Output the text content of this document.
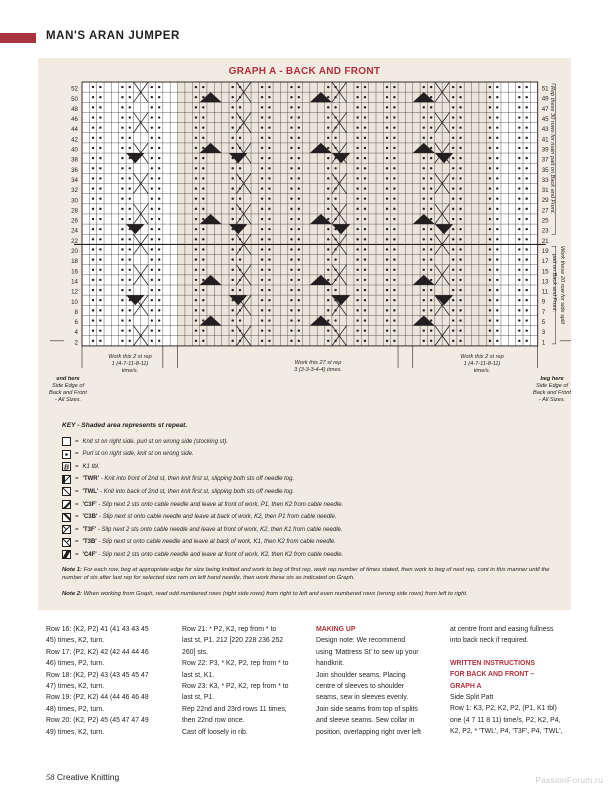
MAN'S ARAN JUMPER
GRAPH A - BACK AND FRONT
52
50
48
46
44
42
40
38
36
34
32
30
28
26
24
22
20
18
16
14
12
10
8
6
4
2
51
49
47
45
43
41
39
37
35
33
31
29
27
25
23
21
19
17
15
13
11
9
7
5
3
1
Rep these 30 rows for main patt on Back and Front.
Work these 20 row for side split
patt on Back and Front.
Work this 2 st rep
1 (4-7-11-8-11)
time/s.
Work this 27 st rep
3 (3-3-3-4-4) times.
Work this 2 st rep
1 (4-7-11-8-11)
time/s.
end here
Side Edge of
Back and Front
- All Sizes.
beg here
Side Edge of
Back and Front
- All Sizes.
KEY - Shaded area represents st repeat.
= Knit st on right side, purl st on wrong side (stocking st).
= Purl st on right side, knit st on wrong side.
B = K1 tbl.
= 'TWR' - Knit into front of 2nd st, then knit first st, slipping both sts off needle tog.
= 'TWL' - Knit into back of 2nd st, then knit first st, slipping both sts off needle tog.
= 'C3F' - Slip next 2 sts onto cable needle and leave at front of work, P1, then K2 from cable needle.
= 'C3B' - Slip next st onto cable needle and leave at back of work, K2, then P1 from cable needle.
= 'T3F' - Slip next 2 sts onto cable needle and leave at front of work, K2, then K1 from cable needle.
= 'T3B' - Slip next st onto cable needle and leave at back of work, K1, then K2 from cable needle.
= 'C4F' - Slip next 2 sts onto cable needle and leave at front of work, K2, then K2 from cable needle.
Note 1: For each row, beg at appropriate edge for size being knitted and work to beg of first rep, work rep number of times stated, then work to beg of next rep, cont in this manner until the number of sts after last rep for selected size rem on left hand needle, then work these sts as indicated on Graph.
Note 2: When working from Graph, read odd numbered rows (right side rows) from right to left and even numbered rows (wrong side rows) from left to right.

Row 16: (K2, P2) 41 (41 43 43 45

45) times, K2, turn.

Row 17: (P2, K2) 42 (42 44 44 46

46) times, P2, turn.

Row 18: (K2, P2) 43 (43 45 45 47

47) times, K2, turn.

Row 19: (P2, K2) 44 (44 46 46 48

48) times, P2, turn.

Row 20: (K2, P2) 45 (45 47 47 49

49) times, K2, turn.

Row 21: * P2, K2, rep from * to

last st, P1. 212 [220 228 236 252

260] sts.

Row 22: P3, * K2, P2, rep from * to

last st, K1.

Row 23: K3, * P2, K2, rep from * to

last st, P1.

Rep 22nd and 23rd rows 11 times,

then 22nd row once.

Cast off loosely in rib.

MAKING UP

Design note: We recommend

using 'Mattress St' to sew up your

handknit.

Join shoulder seams. Placing

centre of sleeves to shoulder

seams, sew in sleeves evenly.

Join side seams from top of splits

and sleeve seams. Sew collar in

position, overlapping right over left

at centre front and easing fullness

into back neck if required.

WRITTEN INSTRUCTIONS

FOR BACK AND FRONT –

GRAPH A

Side Split Patt

Row 1: K3, P2, K2, P2, (P1, K1 tbl)

one (4 7 11 8 11) time/s, P2, K2, P4,

K2, P2, * 'TWL', P4, 'T3F', P4, 'TWL',

58 Creative Knitting	PassionForum.ru
